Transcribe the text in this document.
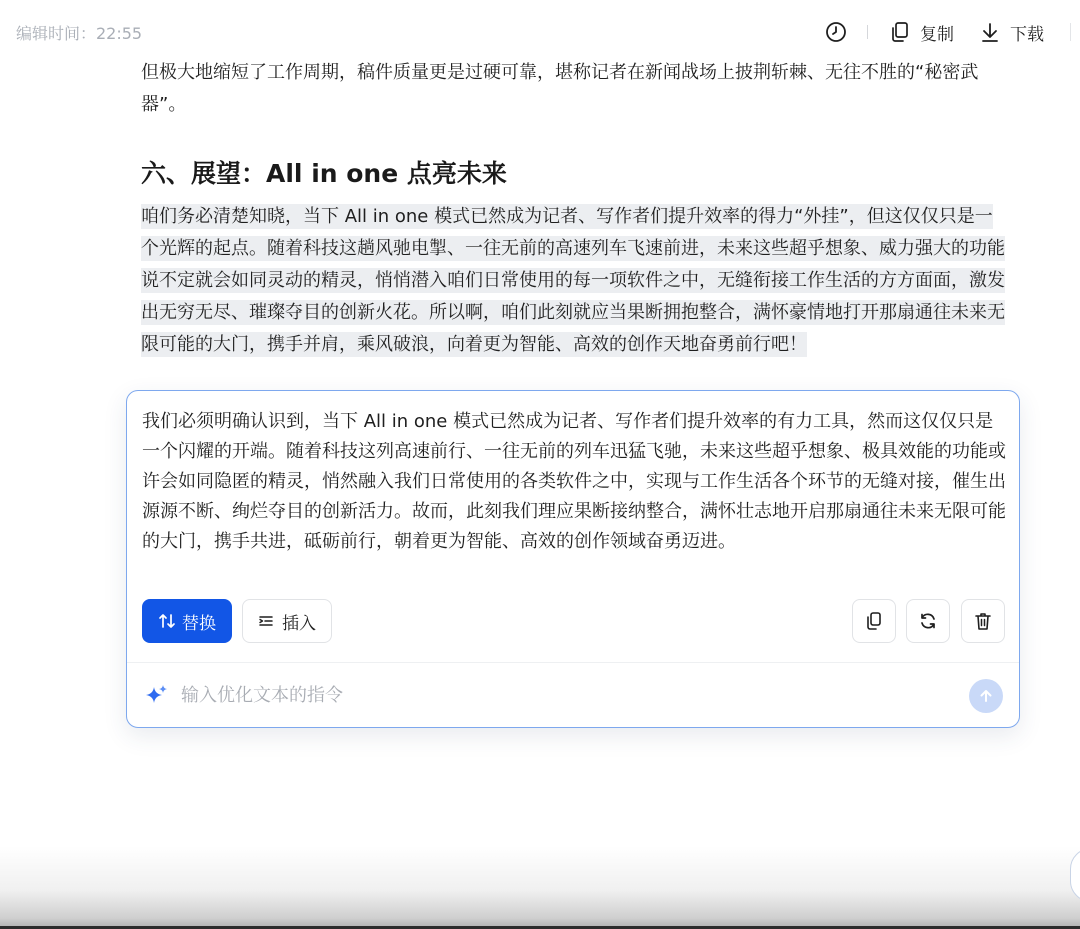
编辑时间：22:55	复制	下载

但极大地缩短了工作周期，稿件质量更是过硬可靠，堪称记者在新闻战场上披荆斩棘、无往不胜的“秘密武器”。

六、展望：All in one 点亮未来

咱们务必清楚知晓，当下 All in one 模式已然成为记者、写作者们提升效率的得力“外挂”，但这仅仅只是一个光辉的起点。随着科技这趟风驰电掣、一往无前的高速列车飞速前进，未来这些超乎想象、威力强大的功能说不定就会如同灵动的精灵，悄悄潜入咱们日常使用的每一项软件之中，无缝衔接工作生活的方方面面，激发出无穷无尽、璀璨夺目的创新火花。所以啊，咱们此刻就应当果断拥抱整合，满怀豪情地打开那扇通往未来无限可能的大门，携手并肩，乘风破浪，向着更为智能、高效的创作天地奋勇前行吧！

我们必须明确认识到，当下 All in one 模式已然成为记者、写作者们提升效率的有力工具，然而这仅仅只是一个闪耀的开端。随着科技这列高速前行、一往无前的列车迅猛飞驰，未来这些超乎想象、极具效能的功能或许会如同隐匿的精灵，悄然融入我们日常使用的各类软件之中，实现与工作生活各个环节的无缝对接，催生出源源不断、绚烂夺目的创新活力。故而，此刻我们理应果断接纳整合，满怀壮志地开启那扇通往未来无限可能的大门，携手共进，砥砺前行，朝着更为智能、高效的创作领域奋勇迈进。

替换	插入
输入优化文本的指令
